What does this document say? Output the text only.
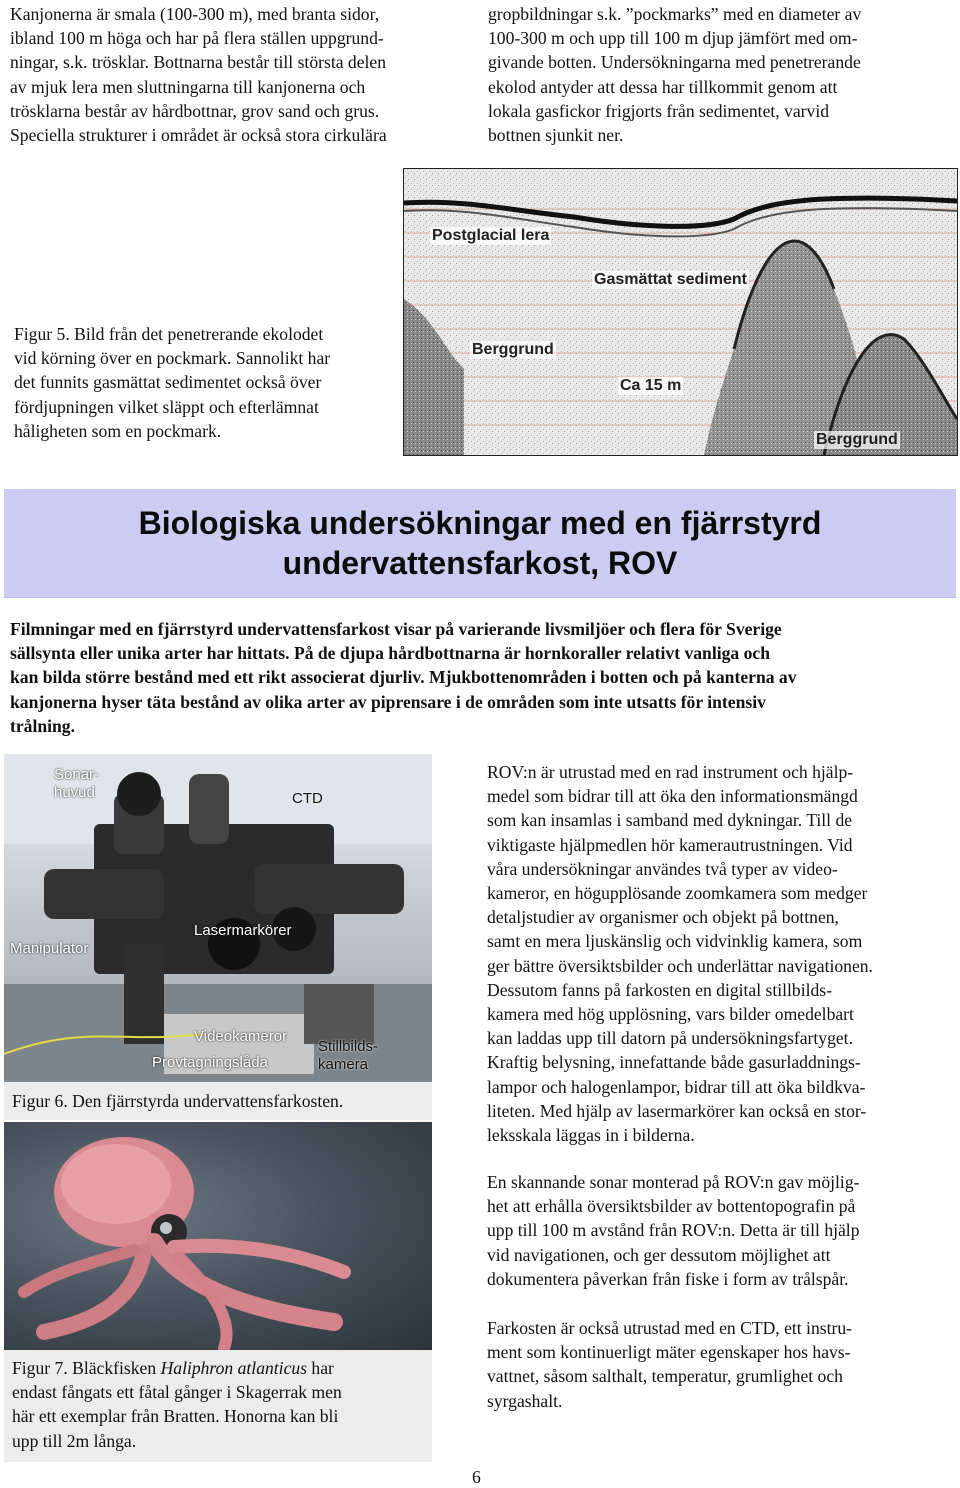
Kanjonerna är smala (100-300 m), med branta sidor,
ibland 100 m höga och har på flera ställen uppgrund-
ningar, s.k. trösklar. Bottnarna består till största delen
av mjuk lera men sluttningarna till kanjonerna och
trösklarna består av hårdbottnar, grov sand och grus.
Speciella strukturer i området är också stora cirkulära
gropbildningar s.k. ”pockmarks” med en diameter av
100-300 m och upp till 100 m djup jämfört med om-
givande botten. Undersökningarna med penetrerande
ekolod antyder att dessa har tillkommit genom att
lokala gasfickor frigjorts från sedimentet, varvid
bottnen sjunkit ner.
Postglacial lera
Gasmättat sediment
Berggrund
Ca 15 m
Berggrund
Figur 5. Bild från det penetrerande ekolodet
vid körning över en pockmark. Sannolikt har
det funnits gasmättat sedimentet också över
fördjupningen vilket släppt och efterlämnat
håligheten som en pockmark.
Biologiska undersökningar med en fjärrstyrd
undervattensfarkost, ROV
Filmningar med en fjärrstyrd undervattensfarkost visar på varierande livsmiljöer och flera för Sverige
sällsynta eller unika arter har hittats. På de djupa hårdbottnarna är hornkoraller relativt vanliga och
kan bilda större bestånd med ett rikt associerat djurliv. Mjukbottenområden i botten och på kanterna av
kanjonerna hyser täta bestånd av olika arter av piprensare i de områden som inte utsatts för intensiv
trålning.
Sonar-
huvud	CTD
Lasermarkörer
Manipulator
Videokameror
Provtagningslåda
Stillbilds-
kamera
Figur 6. Den fjärrstyrda undervattensfarkosten.
Figur 7. Bläckfisken Haliphron atlanticus har
endast fångats ett fåtal gånger i Skagerrak men
här ett exemplar från Bratten. Honorna kan bli
upp till 2m långa.
ROV:n är utrustad med en rad instrument och hjälp-
medel som bidrar till att öka den informationsmängd
som kan insamlas i samband med dykningar. Till de
viktigaste hjälpmedlen hör kamerautrustningen. Vid
våra undersökningar användes två typer av video-
kameror, en högupplösande zoomkamera som medger
detaljstudier av organismer och objekt på bottnen,
samt en mera ljuskänslig och vidvinklig kamera, som
ger bättre översiktsbilder och underlättar navigationen.
Dessutom fanns på farkosten en digital stillbilds-
kamera med hög upplösning, vars bilder omedelbart
kan laddas upp till datorn på undersökningsfartyget.
Kraftig belysning, innefattande både gasurladdnings-
lampor och halogenlampor, bidrar till att öka bildkva-
liteten. Med hjälp av lasermarkörer kan också en stor-
leksskala läggas in i bilderna.
En skannande sonar monterad på ROV:n gav möjlig-
het att erhålla översiktsbilder av bottentopografin på
upp till 100 m avstånd från ROV:n. Detta är till hjälp
vid navigationen, och ger dessutom möjlighet att
dokumentera påverkan från fiske i form av trålspår.
Farkosten är också utrustad med en CTD, ett instru-
ment som kontinuerligt mäter egenskaper hos havs-
vattnet, såsom salthalt, temperatur, grumlighet och
syrgashalt.
6
